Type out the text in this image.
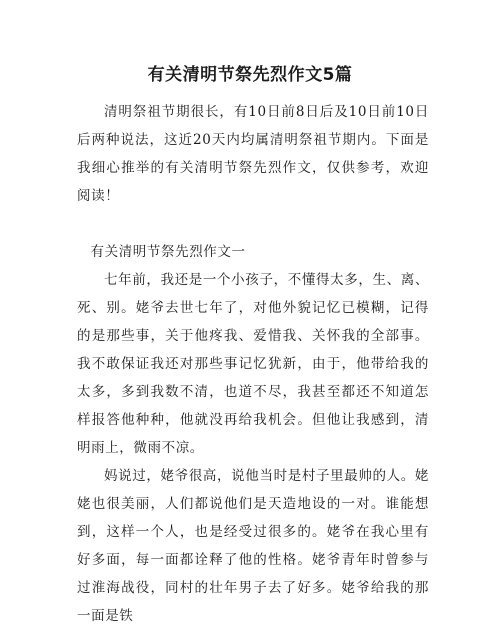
有关清明节祭先烈作文5篇

清明祭祖节期很长，有10日前8日后及10日前10日后两种说法，这近20天内均属清明祭祖节期内。下面是我细心推举的有关清明节祭先烈作文，仅供参考，欢迎阅读！

有关清明节祭先烈作文一

七年前，我还是一个小孩子，不懂得太多，生、离、死、别。姥爷去世七年了，对他外貌记忆已模糊，记得的是那些事，关于他疼我、爱惜我、关怀我的全部事。我不敢保证我还对那些事记忆犹新，由于，他带给我的太多，多到我数不清，也道不尽，我甚至都还不知道怎样报答他种种，他就没再给我机会。但他让我感到，清明雨上，微雨不凉。

妈说过，姥爷很高，说他当时是村子里最帅的人。姥姥也很美丽，人们都说他们是天造地设的一对。谁能想到，这样一个人，也是经受过很多的。姥爷在我心里有好多面，每一面都诠释了他的性格。姥爷青年时曾参与过淮海战役，同村的壮年男子去了好多。姥爷给我的那一面是铁
